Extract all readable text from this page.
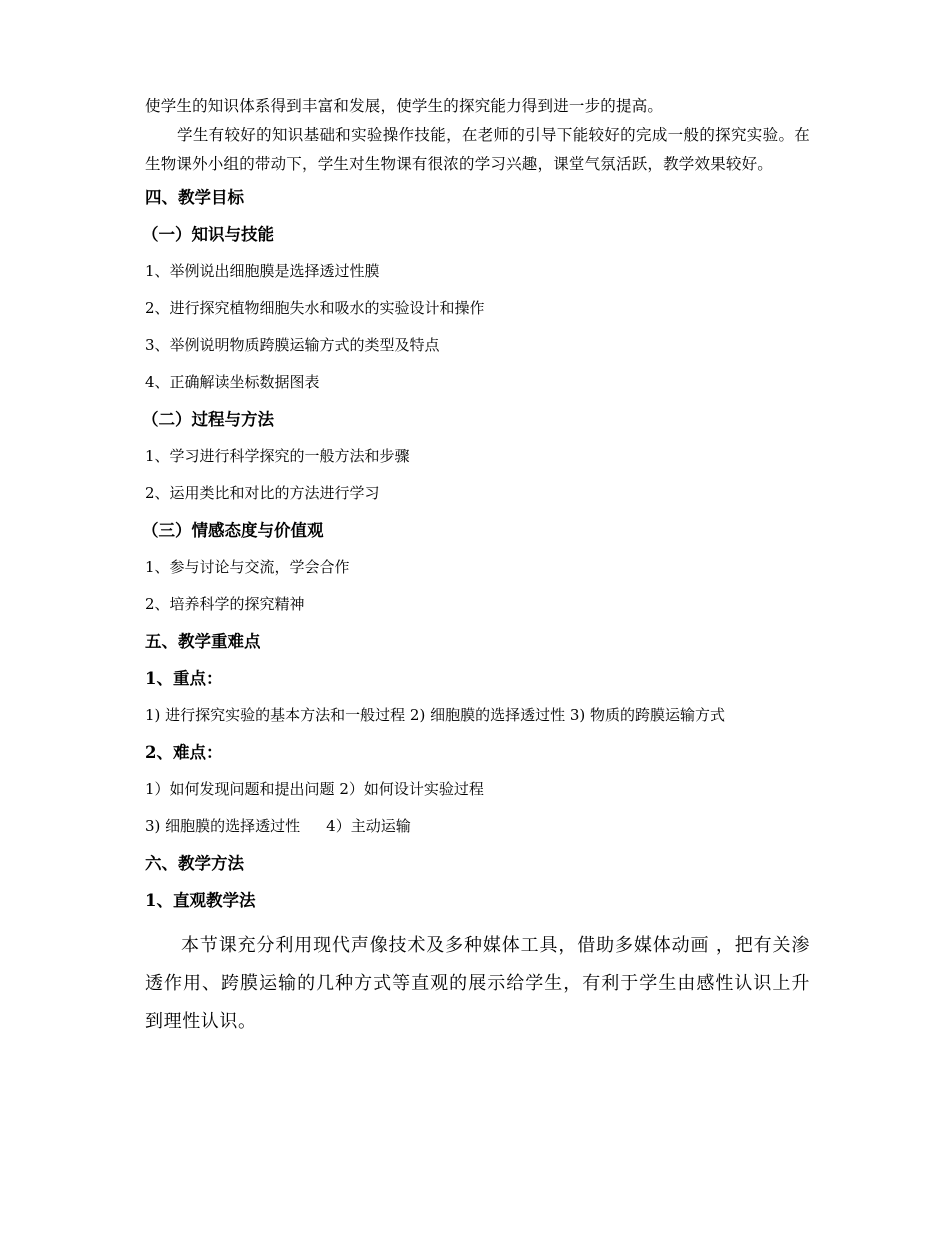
使学生的知识体系得到丰富和发展，使学生的探究能力得到进一步的提高。

学生有较好的知识基础和实验操作技能，在老师的引导下能较好的完成一般的探究实验。在生物课外小组的带动下，学生对生物课有很浓的学习兴趣，课堂气氛活跃，教学效果较好。

四、教学目标

（一）知识与技能

1、举例说出细胞膜是选择透过性膜

2、进行探究植物细胞失水和吸水的实验设计和操作

3、举例说明物质跨膜运输方式的类型及特点

4、正确解读坐标数据图表

（二）过程与方法

1、学习进行科学探究的一般方法和步骤

2、运用类比和对比的方法进行学习

（三）情感态度与价值观

1、参与讨论与交流，学会合作

2、培养科学的探究精神

五、教学重难点

1、重点：

1) 进行探究实验的基本方法和一般过程 2) 细胞膜的选择透过性 3) 物质的跨膜运输方式

2、难点：

1）如何发现问题和提出问题 2）如何设计实验过程

3) 细胞膜的选择透过性 4）主动运输

六、教学方法

1、直观教学法

本节课充分利用现代声像技术及多种媒体工具，借助多媒体动画 ，把有关渗透作用、跨膜运输的几种方式等直观的展示给学生，有利于学生由感性认识上升到理性认识。
